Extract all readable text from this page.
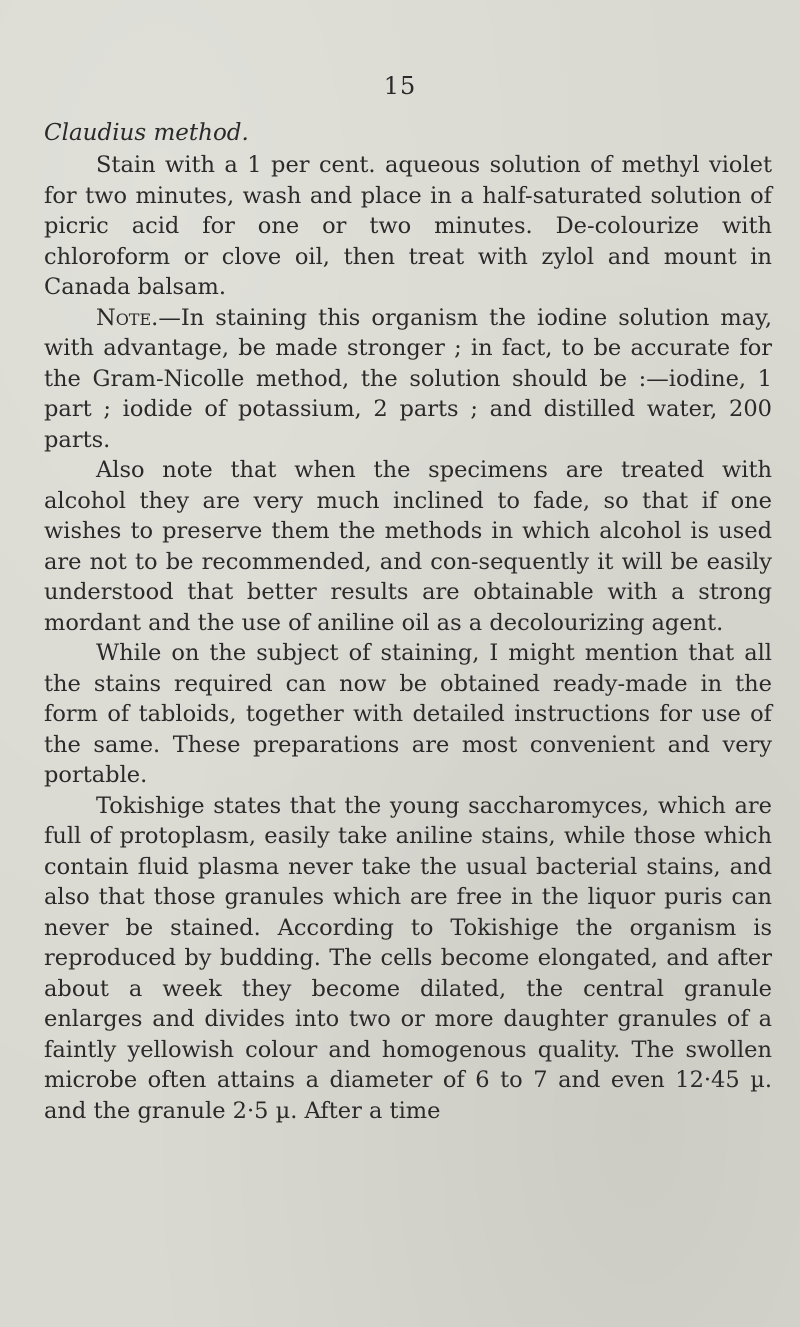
15

Claudius method.

Stain with a 1 per cent. aqueous solution of methyl violet for two minutes, wash and place in a half-saturated solution of picric acid for one or two minutes. De-colourize with chloroform or clove oil, then treat with zylol and mount in Canada balsam.

Note.—In staining this organism the iodine solution may, with advantage, be made stronger ; in fact, to be accurate for the Gram-Nicolle method, the solution should be :—iodine, 1 part ; iodide of potassium, 2 parts ; and distilled water, 200 parts.

Also note that when the specimens are treated with alcohol they are very much inclined to fade, so that if one wishes to preserve them the methods in which alcohol is used are not to be recommended, and con-sequently it will be easily understood that better results are obtainable with a strong mordant and the use of aniline oil as a decolourizing agent.

While on the subject of staining, I might mention that all the stains required can now be obtained ready-made in the form of tabloids, together with detailed instructions for use of the same. These preparations are most convenient and very portable.

Tokishige states that the young saccharomyces, which are full of protoplasm, easily take aniline stains, while those which contain fluid plasma never take the usual bacterial stains, and also that those granules which are free in the liquor puris can never be stained. According to Tokishige the organism is reproduced by budding. The cells become elongated, and after about a week they become dilated, the central granule enlarges and divides into two or more daughter granules of a faintly yellowish colour and homogenous quality. The swollen microbe often attains a diameter of 6 to 7 and even 12·45 µ. and the granule 2·5 µ. After a time
